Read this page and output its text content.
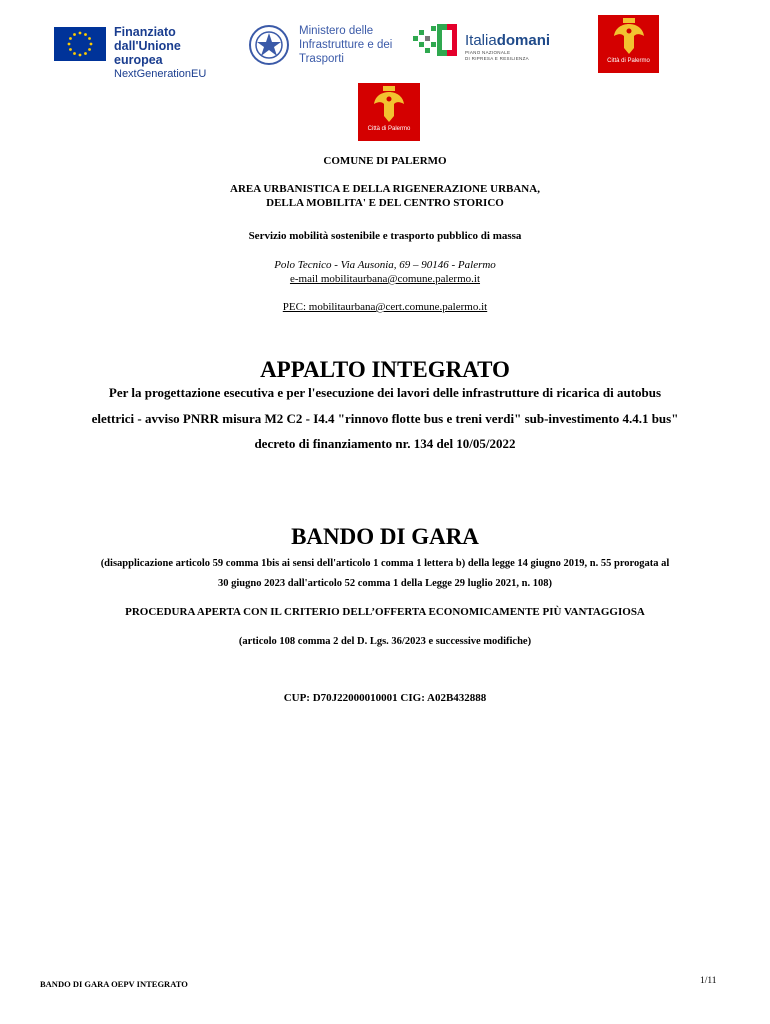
Finanziato
dall'Unione europea
NextGenerationEU
Ministero delle
Infrastrutture e dei
Trasporti
Italiadomani
PIANO NAZIONALE
DI RIPRESA E RESILIENZA	Città di Palermo
Città di Palermo
COMUNE DI PALERMO
AREA URBANISTICA E DELLA RIGENERAZIONE URBANA,
DELLA MOBILITA' E DEL CENTRO STORICO
Servizio mobilità sostenibile e trasporto pubblico di massa
Polo Tecnico - Via Ausonia, 69 – 90146 - Palermo
e-mail mobilitaurbana@comune.palermo.it
PEC: mobilitaurbana@cert.comune.palermo.it
APPALTO INTEGRATO
Per la progettazione esecutiva e per l'esecuzione dei lavori delle infrastrutture di ricarica di autobus
elettrici - avviso PNRR misura M2 C2 - I4.4 "rinnovo flotte bus e treni verdi" sub-investimento 4.4.1 bus"
decreto di finanziamento nr. 134 del 10/05/2022
BANDO DI GARA
(disapplicazione articolo 59 comma 1bis ai sensi dell'articolo 1 comma 1 lettera b) della legge 14 giugno 2019, n. 55 prorogata al
30 giugno 2023 dall'articolo 52 comma 1 della Legge 29 luglio 2021, n. 108)
PROCEDURA APERTA CON IL CRITERIO DELL’OFFERTA ECONOMICAMENTE PIÙ VANTAGGIOSA
(articolo 108 comma 2 del D. Lgs. 36/2023 e successive modifiche)
CUP: D70J22000010001 CIG: A02B432888
BANDO DI GARA OEPV INTEGRATO	1/11
